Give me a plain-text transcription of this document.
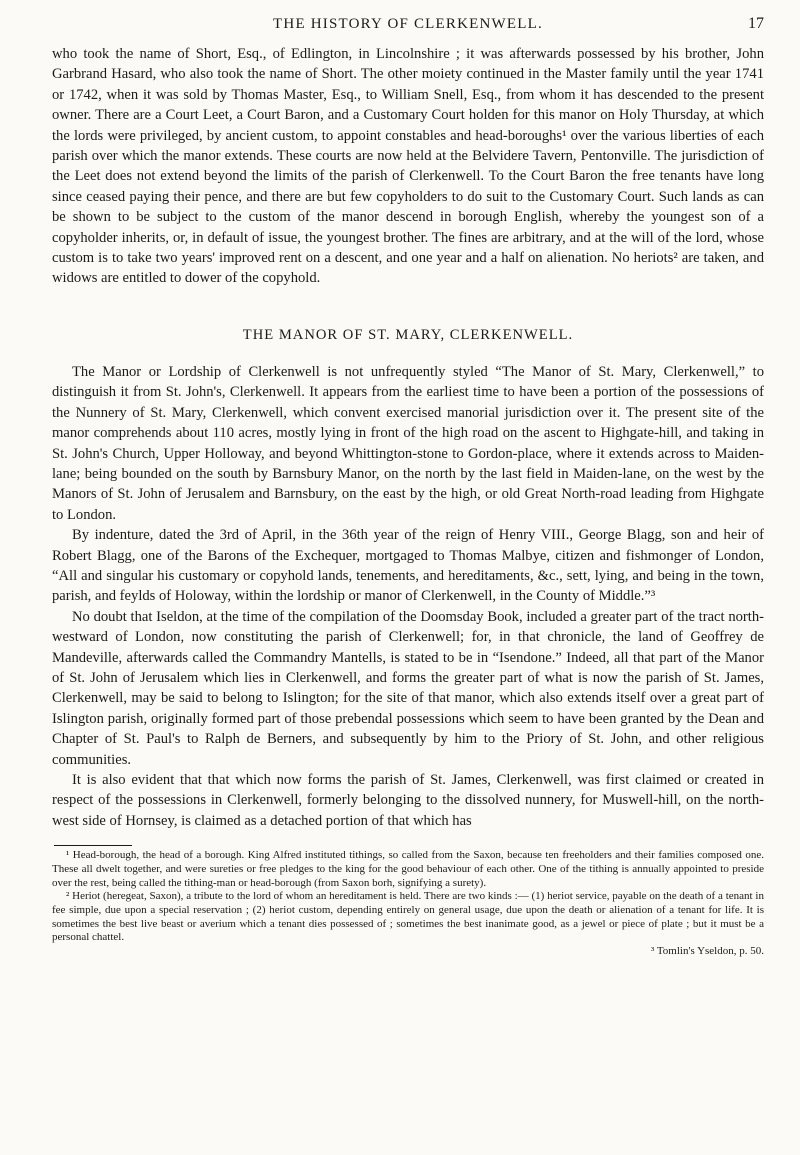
THE HISTORY OF CLERKENWELL.	17

who took the name of Short, Esq., of Edlington, in Lincolnshire ; it was afterwards possessed by his brother, John Garbrand Hasard, who also took the name of Short. The other moiety continued in the Master family until the year 1741 or 1742, when it was sold by Thomas Master, Esq., to William Snell, Esq., from whom it has descended to the present owner. There are a Court Leet, a Court Baron, and a Customary Court holden for this manor on Holy Thursday, at which the lords were privileged, by ancient custom, to appoint constables and head-boroughs¹ over the various liberties of each parish over which the manor extends. These courts are now held at the Belvidere Tavern, Pentonville. The jurisdiction of the Leet does not extend beyond the limits of the parish of Clerkenwell. To the Court Baron the free tenants have long since ceased paying their pence, and there are but few copyholders to do suit to the Customary Court. Such lands as can be shown to be subject to the custom of the manor descend in borough English, whereby the youngest son of a copyholder inherits, or, in default of issue, the youngest brother. The fines are arbitrary, and at the will of the lord, whose custom is to take two years' improved rent on a descent, and one year and a half on alienation. No heriots² are taken, and widows are entitled to dower of the copyhold.

THE MANOR OF ST. MARY, CLERKENWELL.

The Manor or Lordship of Clerkenwell is not unfrequently styled “The Manor of St. Mary, Clerkenwell,” to distinguish it from St. John's, Clerkenwell. It appears from the earliest time to have been a portion of the possessions of the Nunnery of St. Mary, Clerkenwell, which convent exercised manorial jurisdiction over it. The present site of the manor comprehends about 110 acres, mostly lying in front of the high road on the ascent to Highgate-hill, and taking in St. John's Church, Upper Holloway, and beyond Whittington-stone to Gordon-place, where it extends across to Maiden-lane; being bounded on the south by Barnsbury Manor, on the north by the last field in Maiden-lane, on the west by the Manors of St. John of Jerusalem and Barnsbury, on the east by the high, or old Great North-road leading from Highgate to London.

By indenture, dated the 3rd of April, in the 36th year of the reign of Henry VIII., George Blagg, son and heir of Robert Blagg, one of the Barons of the Exchequer, mortgaged to Thomas Malbye, citizen and fishmonger of London, “All and singular his customary or copyhold lands, tenements, and hereditaments, &c., sett, lying, and being in the town, parish, and feylds of Holoway, within the lordship or manor of Clerkenwell, in the County of Middle.”³

No doubt that Iseldon, at the time of the compilation of the Doomsday Book, included a greater part of the tract north-westward of London, now constituting the parish of Clerkenwell; for, in that chronicle, the land of Geoffrey de Mandeville, afterwards called the Commandry Mantells, is stated to be in “Isendone.” Indeed, all that part of the Manor of St. John of Jerusalem which lies in Clerkenwell, and forms the greater part of what is now the parish of St. James, Clerkenwell, may be said to belong to Islington; for the site of that manor, which also extends itself over a great part of Islington parish, originally formed part of those prebendal possessions which seem to have been granted by the Dean and Chapter of St. Paul's to Ralph de Berners, and subsequently by him to the Priory of St. John, and other religious communities.

It is also evident that that which now forms the parish of St. James, Clerkenwell, was first claimed or created in respect of the possessions in Clerkenwell, formerly belonging to the dissolved nunnery, for Muswell-hill, on the north-west side of Hornsey, is claimed as a detached portion of that which has

¹ Head-borough, the head of a borough. King Alfred instituted tithings, so called from the Saxon, because ten freeholders and their families composed one. These all dwelt together, and were sureties or free pledges to the king for the good behaviour of each other. One of the tithing is annually appointed to preside over the rest, being called the tithing-man or head-borough (from Saxon borh, signifying a surety).

² Heriot (heregeat, Saxon), a tribute to the lord of whom an hereditament is held. There are two kinds :— (1) heriot service, payable on the death of a tenant in fee simple, due upon a special reservation ; (2) heriot custom, depending entirely on general usage, due upon the death or alienation of a tenant for life. It is sometimes the best live beast or averium which a tenant dies possessed of ; sometimes the best inanimate good, as a jewel or piece of plate ; but it must be a personal chattel.

³ Tomlin's Yseldon, p. 50.
